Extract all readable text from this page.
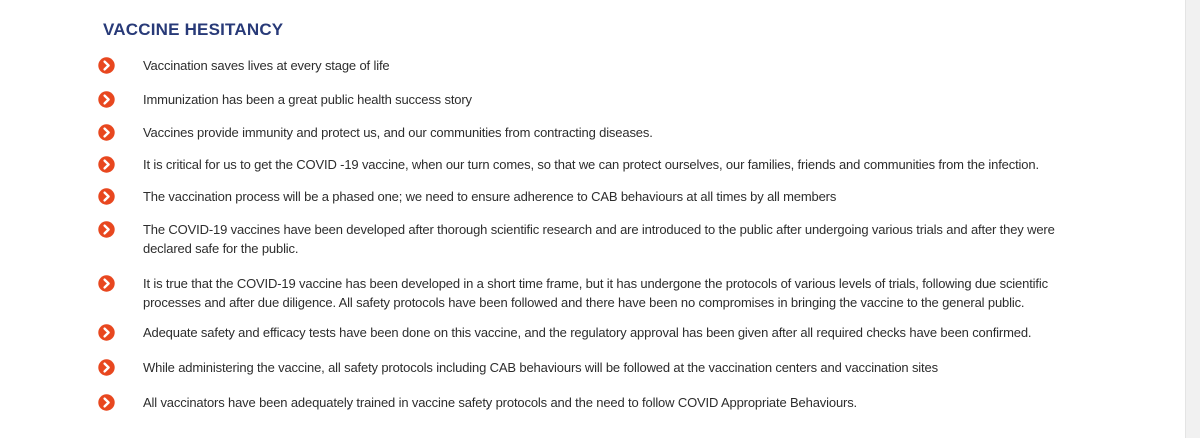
VACCINE HESITANCY
Vaccination saves lives at every stage of life
Immunization has been a great public health success story
Vaccines provide immunity and protect us, and our communities from contracting diseases.
It is critical for us to get the COVID -19 vaccine, when our turn comes, so that we can protect ourselves, our families, friends and communities from the infection.
The vaccination process will be a phased one; we need to ensure adherence to CAB behaviours at all times by all members
The COVID-19 vaccines have been developed after thorough scientific research and are introduced to the public after undergoing various trials and after they were declared safe for the public.
It is true that the COVID-19 vaccine has been developed in a short time frame, but it has undergone the protocols of various levels of trials, following due scientific processes and after due diligence. All safety protocols have been followed and there have been no compromises in bringing the vaccine to the general public.
Adequate safety and efficacy tests have been done on this vaccine, and the regulatory approval has been given after all required checks have been confirmed.
While administering the vaccine, all safety protocols including CAB behaviours will be followed at the vaccination centers and vaccination sites
All vaccinators have been adequately trained in vaccine safety protocols and the need to follow COVID Appropriate Behaviours.
